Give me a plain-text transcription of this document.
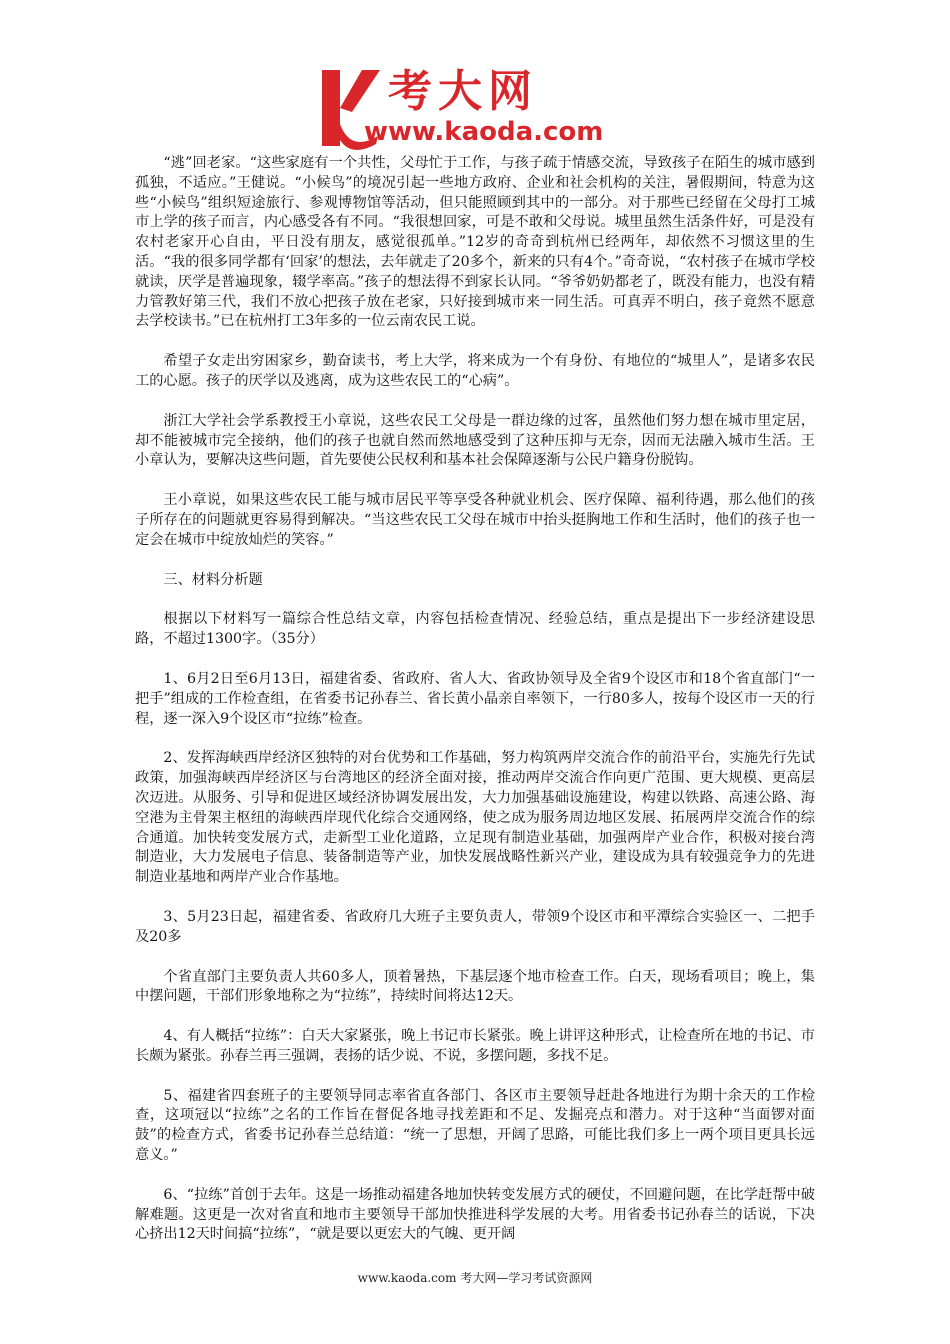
考大网
www.kaoda.com

“逃”回老家。“这些家庭有一个共性，父母忙于工作，与孩子疏于情感交流，导致孩子在陌生的城市感到孤独，不适应。”王健说。“小候鸟”的境况引起一些地方政府、企业和社会机构的关注，暑假期间，特意为这些“小候鸟”组织短途旅行、参观博物馆等活动，但只能照顾到其中的一部分。对于那些已经留在父母打工城市上学的孩子而言，内心感受各有不同。“我很想回家，可是不敢和父母说。城里虽然生活条件好，可是没有农村老家开心自由，平日没有朋友，感觉很孤单。”12岁的奇奇到杭州已经两年，却依然不习惯这里的生活。“我的很多同学都有‘回家’的想法，去年就走了20多个，新来的只有4个。”奇奇说，“农村孩子在城市学校就读，厌学是普遍现象，辍学率高。”孩子的想法得不到家长认同。“爷爷奶奶都老了，既没有能力，也没有精力管教好第三代，我们不放心把孩子放在老家，只好接到城市来一同生活。可真弄不明白，孩子竟然不愿意去学校读书。”已在杭州打工3年多的一位云南农民工说。

希望子女走出穷困家乡，勤奋读书，考上大学，将来成为一个有身份、有地位的“城里人”，是诸多农民工的心愿。孩子的厌学以及逃离，成为这些农民工的“心病”。

浙江大学社会学系教授王小章说，这些农民工父母是一群边缘的过客，虽然他们努力想在城市里定居，却不能被城市完全接纳，他们的孩子也就自然而然地感受到了这种压抑与无奈，因而无法融入城市生活。王小章认为，要解决这些问题，首先要使公民权利和基本社会保障逐渐与公民户籍身份脱钩。

王小章说，如果这些农民工能与城市居民平等享受各种就业机会、医疗保障、福利待遇，那么他们的孩子所存在的问题就更容易得到解决。“当这些农民工父母在城市中抬头挺胸地工作和生活时，他们的孩子也一定会在城市中绽放灿烂的笑容。”

三、材料分析题

根据以下材料写一篇综合性总结文章，内容包括检查情况、经验总结，重点是提出下一步经济建设思路，不超过1300字。（35分）

1、6月2日至6月13日，福建省委、省政府、省人大、省政协领导及全省9个设区市和18个省直部门“一把手”组成的工作检查组，在省委书记孙春兰、省长黄小晶亲自率领下，一行80多人，按每个设区市一天的行程，逐一深入9个设区市“拉练”检查。

2、发挥海峡西岸经济区独特的对台优势和工作基础，努力构筑两岸交流合作的前沿平台，实施先行先试政策，加强海峡西岸经济区与台湾地区的经济全面对接，推动两岸交流合作向更广范围、更大规模、更高层次迈进。从服务、引导和促进区域经济协调发展出发，大力加强基础设施建设，构建以铁路、高速公路、海空港为主骨架主枢纽的海峡西岸现代化综合交通网络，使之成为服务周边地区发展、拓展两岸交流合作的综合通道。加快转变发展方式，走新型工业化道路，立足现有制造业基础，加强两岸产业合作，积极对接台湾制造业，大力发展电子信息、装备制造等产业，加快发展战略性新兴产业，建设成为具有较强竞争力的先进制造业基地和两岸产业合作基地。

3、5月23日起，福建省委、省政府几大班子主要负责人，带领9个设区市和平潭综合实验区一、二把手及20多

个省直部门主要负责人共60多人，顶着暑热，下基层逐个地市检查工作。白天，现场看项目；晚上，集中摆问题，干部们形象地称之为“拉练”，持续时间将达12天。

4、有人概括“拉练”：白天大家紧张，晚上书记市长紧张。晚上讲评这种形式，让检查所在地的书记、市长颇为紧张。孙春兰再三强调，表扬的话少说、不说，多摆问题，多找不足。

5、福建省四套班子的主要领导同志率省直各部门、各区市主要领导赶赴各地进行为期十余天的工作检查，这项冠以“拉练”之名的工作旨在督促各地寻找差距和不足、发掘亮点和潜力。对于这种“当面锣对面鼓”的检查方式，省委书记孙春兰总结道：“统一了思想，开阔了思路，可能比我们多上一两个项目更具长远意义。”

6、“拉练”首创于去年。这是一场推动福建各地加快转变发展方式的硬仗，不回避问题，在比学赶帮中破解难题。这更是一次对省直和地市主要领导干部加快推进科学发展的大考。用省委书记孙春兰的话说，下决心挤出12天时间搞“拉练”，“就是要以更宏大的气魄、更开阔

www.kaoda.com 考大网—学习考试资源网
